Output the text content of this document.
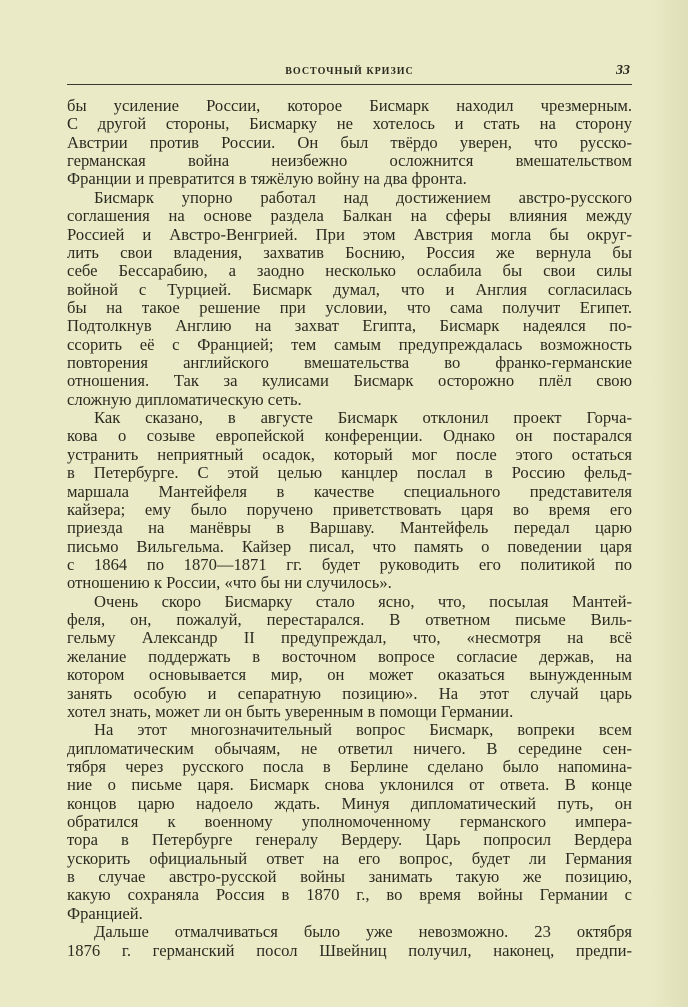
ВОСТОЧНЫЙ КРИЗИС	33
бы усиление России, которое Бисмарк находил чрезмерным.
С другой стороны, Бисмарку не хотелось и стать на сторону
Австрии против России. Он был твёрдо уверен, что русско-
германская война неизбежно осложнится вмешательством
Франции и превратится в тяжёлую войну на два фронта.
Бисмарк упорно работал над достижением австро-русского
соглашения на основе раздела Балкан на сферы влияния между
Россией и Австро-Венгрией. При этом Австрия могла бы округ-
лить свои владения, захватив Боснию, Россия же вернула бы
себе Бессарабию, а заодно несколько ослабила бы свои силы
войной с Турцией. Бисмарк думал, что и Англия согласилась
бы на такое решение при условии, что сама получит Египет.
Подтолкнув Англию на захват Египта, Бисмарк надеялся по-
ссорить её с Францией; тем самым предупреждалась возможность
повторения английского вмешательства во франко-германские
отношения. Так за кулисами Бисмарк осторожно плёл свою
сложную дипломатическую сеть.
Как сказано, в августе Бисмарк отклонил проект Горча-
кова о созыве европейской конференции. Однако он постарался
устранить неприятный осадок, который мог после этого остаться
в Петербурге. С этой целью канцлер послал в Россию фельд-
маршала Мантейфеля в качестве специального представителя
кайзера; ему было поручено приветствовать царя во время его
приезда на манёвры в Варшаву. Мантейфель передал царю
письмо Вильгельма. Кайзер писал, что память о поведении царя
с 1864 по 1870—1871 гг. будет руководить его политикой по
отношению к России, «что бы ни случилось».
Очень скоро Бисмарку стало ясно, что, посылая Мантей-
феля, он, пожалуй, перестарался. В ответном письме Виль-
гельму Александр II предупреждал, что, «несмотря на всё
желание поддержать в восточном вопросе согласие держав, на
котором основывается мир, он может оказаться вынужденным
занять особую и сепаратную позицию». На этот случай царь
хотел знать, может ли он быть уверенным в помощи Германии.
На этот многозначительный вопрос Бисмарк, вопреки всем
дипломатическим обычаям, не ответил ничего. В середине сен-
тября через русского посла в Берлине сделано было напомина-
ние о письме царя. Бисмарк снова уклонился от ответа. В конце
концов царю надоело ждать. Минуя дипломатический путь, он
обратился к военному уполномоченному германского импера-
тора в Петербурге генералу Вердеру. Царь попросил Вердера
ускорить официальный ответ на его вопрос, будет ли Германия
в случае австро-русской войны занимать такую же позицию,
какую сохраняла Россия в 1870 г., во время войны Германии с
Францией.
Дальше отмалчиваться было уже невозможно. 23 октября
1876 г. германский посол Швейниц получил, наконец, предпи-
